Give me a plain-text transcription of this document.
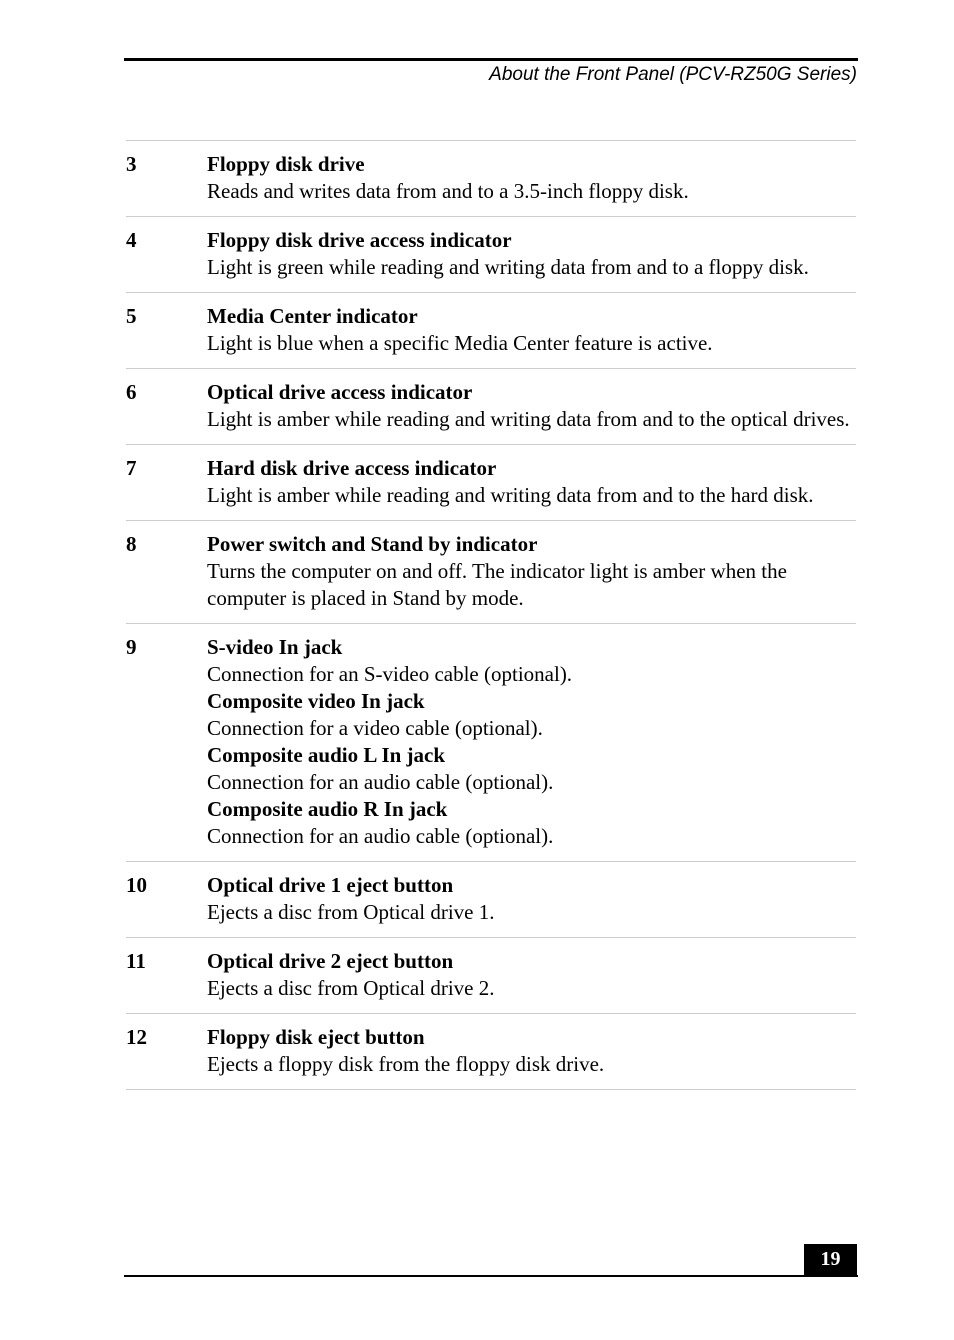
About the Front Panel (PCV-RZ50G Series)
3	Floppy disk drive
Reads and writes data from and to a 3.5-inch floppy disk.
4	Floppy disk drive access indicator
Light is green while reading and writing data from and to a floppy disk.
5	Media Center indicator
Light is blue when a specific Media Center feature is active.
6	Optical drive access indicator
Light is amber while reading and writing data from and to the optical drives.
7	Hard disk drive access indicator
Light is amber while reading and writing data from and to the hard disk.
8	Power switch and Stand by indicator
Turns the computer on and off. The indicator light is amber when the computer is placed in Stand by mode.
9	S-video In jack
Connection for an S-video cable (optional).
Composite video In jack
Connection for a video cable (optional).
Composite audio L In jack
Connection for an audio cable (optional).
Composite audio R In jack
Connection for an audio cable (optional).
10	Optical drive 1 eject button
Ejects a disc from Optical drive 1.
11	Optical drive 2 eject button
Ejects a disc from Optical drive 2.
12	Floppy disk eject button
Ejects a floppy disk from the floppy disk drive.
19
